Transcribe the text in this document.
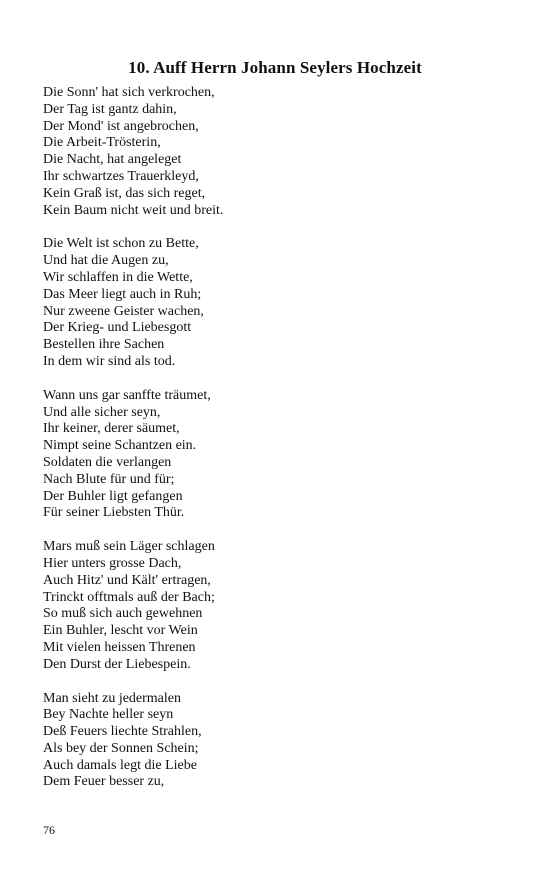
10. Auff Herrn Johann Seylers Hochzeit
Die Sonn' hat sich verkrochen,
Der Tag ist gantz dahin,
Der Mond' ist angebrochen,
Die Arbeit-Trösterin,
Die Nacht, hat angeleget
Ihr schwartzes Trauerkleyd,
Kein Graß ist, das sich reget,
Kein Baum nicht weit und breit.
Die Welt ist schon zu Bette,
Und hat die Augen zu,
Wir schlaffen in die Wette,
Das Meer liegt auch in Ruh;
Nur zweene Geister wachen,
Der Krieg- und Liebesgott
Bestellen ihre Sachen
In dem wir sind als tod.
Wann uns gar sanffte träumet,
Und alle sicher seyn,
Ihr keiner, derer säumet,
Nimpt seine Schantzen ein.
Soldaten die verlangen
Nach Blute für und für;
Der Buhler ligt gefangen
Für seiner Liebsten Thür.
Mars muß sein Läger schlagen
Hier unters grosse Dach,
Auch Hitz' und Kält' ertragen,
Trinckt offtmals auß der Bach;
So muß sich auch gewehnen
Ein Buhler, lescht vor Wein
Mit vielen heissen Threnen
Den Durst der Liebespein.
Man sieht zu jedermalen
Bey Nachte heller seyn
Deß Feuers liechte Strahlen,
Als bey der Sonnen Schein;
Auch damals legt die Liebe
Dem Feuer besser zu,
76
